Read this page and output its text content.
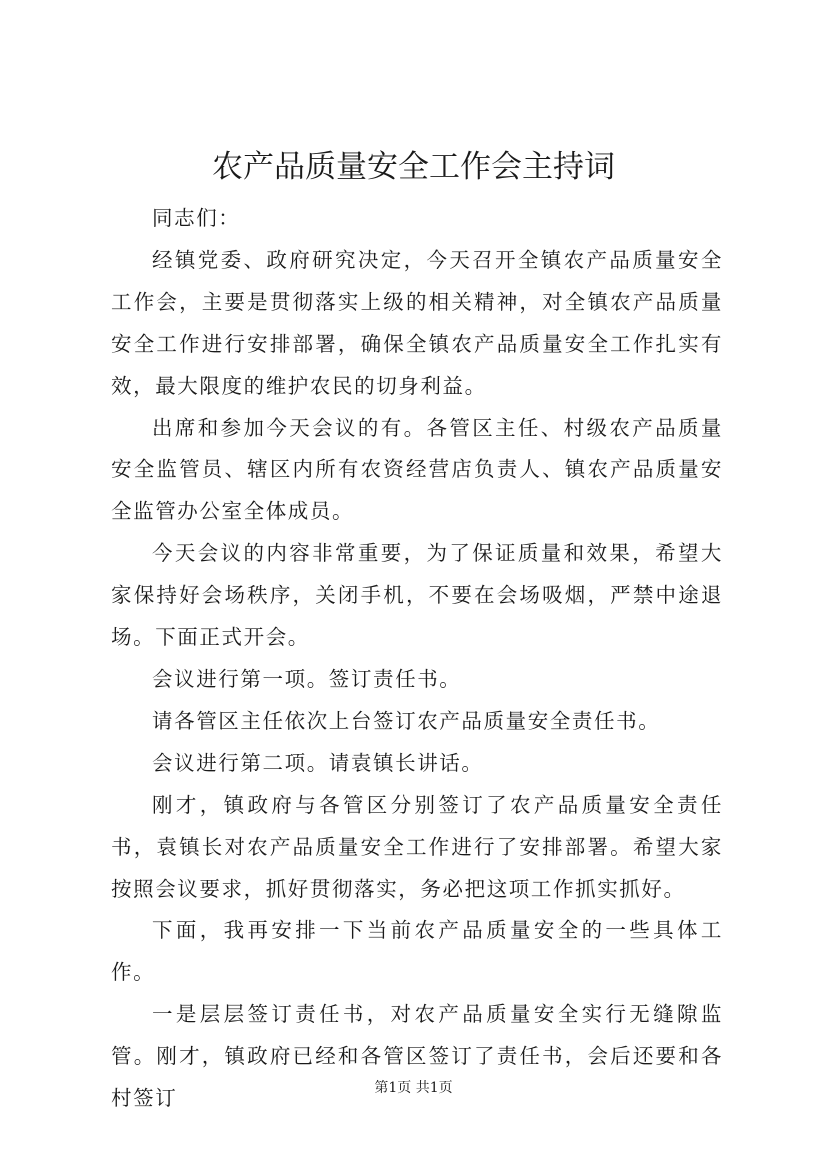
农产品质量安全工作会主持词

同志们：

经镇党委、政府研究决定，今天召开全镇农产品质量安全工作会，主要是贯彻落实上级的相关精神，对全镇农产品质量安全工作进行安排部署，确保全镇农产品质量安全工作扎实有效，最大限度的维护农民的切身利益。

出席和参加今天会议的有。各管区主任、村级农产品质量安全监管员、辖区内所有农资经营店负责人、镇农产品质量安全监管办公室全体成员。

今天会议的内容非常重要，为了保证质量和效果，希望大家保持好会场秩序，关闭手机，不要在会场吸烟，严禁中途退场。下面正式开会。

会议进行第一项。签订责任书。

请各管区主任依次上台签订农产品质量安全责任书。

会议进行第二项。请袁镇长讲话。

刚才，镇政府与各管区分别签订了农产品质量安全责任书，袁镇长对农产品质量安全工作进行了安排部署。希望大家按照会议要求，抓好贯彻落实，务必把这项工作抓实抓好。

下面，我再安排一下当前农产品质量安全的一些具体工作。

一是层层签订责任书，对农产品质量安全实行无缝隙监管。刚才，镇政府已经和各管区签订了责任书，会后还要和各村签订	第1页 共1页
